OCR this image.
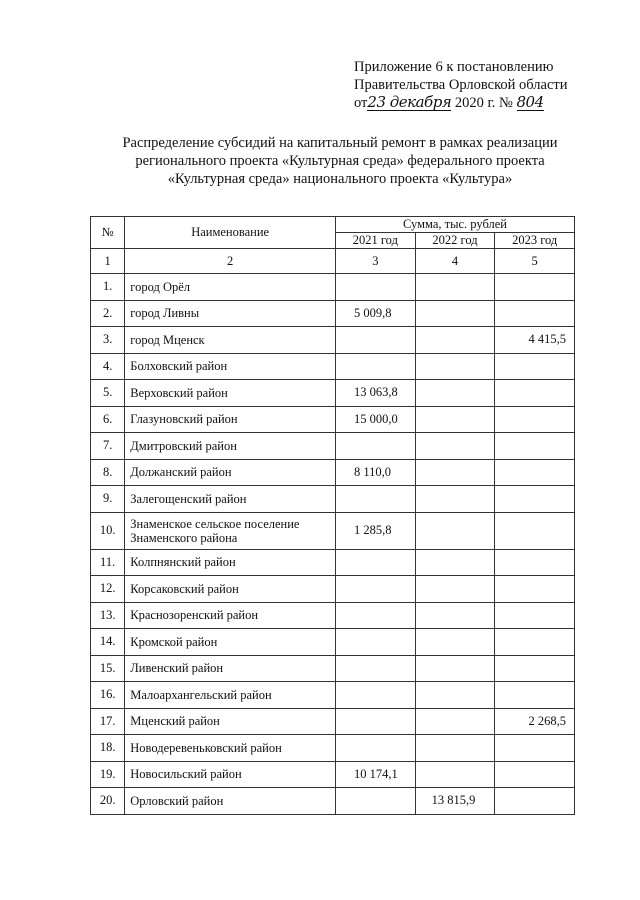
Приложение 6 к постановлению
Правительства Орловской области
от23 декабря 2020 г. № 804
Распределение субсидий на капитальный ремонт в рамках реализации
регионального проекта «Культурная среда» федерального проекта
«Культурная среда» национального проекта «Культура»
№	Наименование	Сумма, тыс. рублей		
		2021 год	2022 год	2023 год
1	2	3	4	5
1.	город Орёл			
2.	город Ливны	5 009,8		
3.	город Мценск			4 415,5
4.	Болховский район			
5.	Верховский район	13 063,8		
6.	Глазуновский район	15 000,0		
7.	Дмитровский район			
8.	Должанский район	8 110,0		
9.	Залегощенский район			
10.	Знаменское сельское поселение Знаменского района	1 285,8		
11.	Колпнянский район			
12.	Корсаковский район			
13.	Краснозоренский район			
14.	Кромской район			
15.	Ливенский район			
16.	Малоархангельский район			
17.	Мценский район			2 268,5
18.	Новодеревеньковский район			
19.	Новосильский район	10 174,1		
20.	Орловский район		13 815,9	
